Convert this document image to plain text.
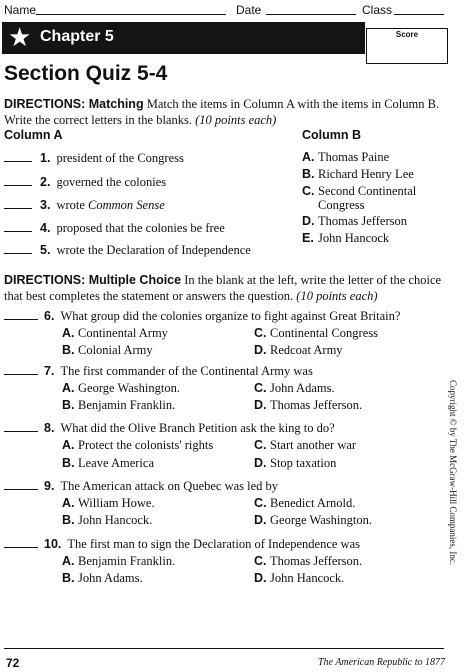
Name	Date	Class
★ Chapter 5	Score
Section Quiz 5-4
DIRECTIONS: Matching Match the items in Column A with the items in Column B. Write the correct letters in the blanks. (10 points each)
Column A	Column B
1. president of the Congress
2. governed the colonies
3. wrote Common Sense
4. proposed that the colonies be free
5. wrote the Declaration of Independence
A. Thomas Paine
B. Richard Henry Lee
C. Second Continental Congress
D. Thomas Jefferson
E. John Hancock
DIRECTIONS: Multiple Choice In the blank at the left, write the letter of the choice that best completes the statement or answers the question. (10 points each)
6. What group did the colonies organize to fight against Great Britain?
A. Continental Army	C. Continental Congress
B. Colonial Army	D. Redcoat Army
7. The first commander of the Continental Army was
A. George Washington.	C. John Adams.
B. Benjamin Franklin.	D. Thomas Jefferson.
8. What did the Olive Branch Petition ask the king to do?
A. Protect the colonists' rights	C. Start another war
B. Leave America	D. Stop taxation
9. The American attack on Quebec was led by
A. William Howe.	C. Benedict Arnold.
B. John Hancock.	D. George Washington.
10. The first man to sign the Declaration of Independence was
A. Benjamin Franklin.	C. Thomas Jefferson.
B. John Adams.	D. John Hancock.
Copyright © by The McGraw-Hill Companies, Inc.
72	The American Republic to 1877
